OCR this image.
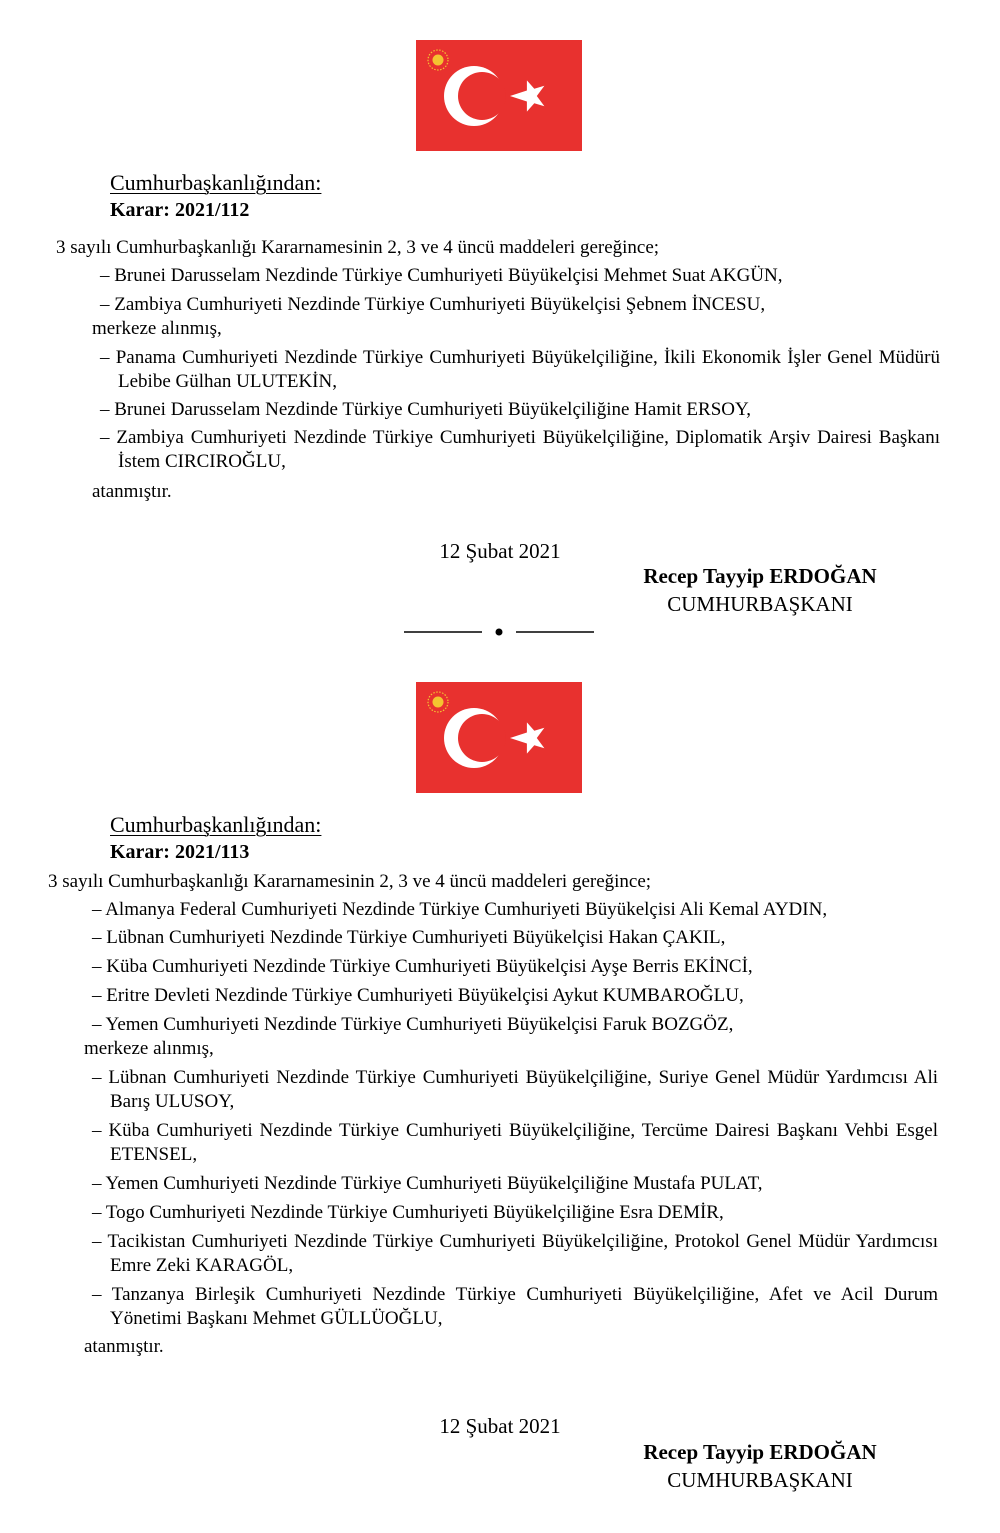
Cumhurbaşkanlığından:
Karar: 2021/112
3 sayılı Cumhurbaşkanlığı Kararnamesinin 2, 3 ve 4 üncü maddeleri gereğince;

– Brunei Darusselam Nezdinde Türkiye Cumhuriyeti Büyükelçisi Mehmet Suat AKGÜN,

– Zambiya Cumhuriyeti Nezdinde Türkiye Cumhuriyeti Büyükelçisi Şebnem İNCESU,

merkeze alınmış,

– Panama Cumhuriyeti Nezdinde Türkiye Cumhuriyeti Büyükelçiliğine, İkili Ekonomik İşler Genel Müdürü Lebibe Gülhan ULUTEKİN,

– Brunei Darusselam Nezdinde Türkiye Cumhuriyeti Büyükelçiliğine Hamit ERSOY,

– Zambiya Cumhuriyeti Nezdinde Türkiye Cumhuriyeti Büyükelçiliğine, Diplomatik Arşiv Dairesi Başkanı İstem CIRCIROĞLU,

atanmıştır.

12 Şubat 2021
Recep Tayyip ERDOĞAN
CUMHURBAŞKANI
Cumhurbaşkanlığından:
Karar: 2021/113
3 sayılı Cumhurbaşkanlığı Kararnamesinin 2, 3 ve 4 üncü maddeleri gereğince;

– Almanya Federal Cumhuriyeti Nezdinde Türkiye Cumhuriyeti Büyükelçisi Ali Kemal AYDIN,

– Lübnan Cumhuriyeti Nezdinde Türkiye Cumhuriyeti Büyükelçisi Hakan ÇAKIL,

– Küba Cumhuriyeti Nezdinde Türkiye Cumhuriyeti Büyükelçisi Ayşe Berris EKİNCİ,

– Eritre Devleti Nezdinde Türkiye Cumhuriyeti Büyükelçisi Aykut KUMBAROĞLU,

– Yemen Cumhuriyeti Nezdinde Türkiye Cumhuriyeti Büyükelçisi Faruk BOZGÖZ,

merkeze alınmış,

– Lübnan Cumhuriyeti Nezdinde Türkiye Cumhuriyeti Büyükelçiliğine, Suriye Genel Müdür Yardımcısı Ali Barış ULUSOY,

– Küba Cumhuriyeti Nezdinde Türkiye Cumhuriyeti Büyükelçiliğine, Tercüme Dairesi Başkanı Vehbi Esgel ETENSEL,

– Yemen Cumhuriyeti Nezdinde Türkiye Cumhuriyeti Büyükelçiliğine Mustafa PULAT,

– Togo Cumhuriyeti Nezdinde Türkiye Cumhuriyeti Büyükelçiliğine Esra DEMİR,

– Tacikistan Cumhuriyeti Nezdinde Türkiye Cumhuriyeti Büyükelçiliğine, Protokol Genel Müdür Yardımcısı Emre Zeki KARAGÖL,

– Tanzanya Birleşik Cumhuriyeti Nezdinde Türkiye Cumhuriyeti Büyükelçiliğine, Afet ve Acil Durum Yönetimi Başkanı Mehmet GÜLLÜOĞLU,

atanmıştır.

12 Şubat 2021
Recep Tayyip ERDOĞAN
CUMHURBAŞKANI
